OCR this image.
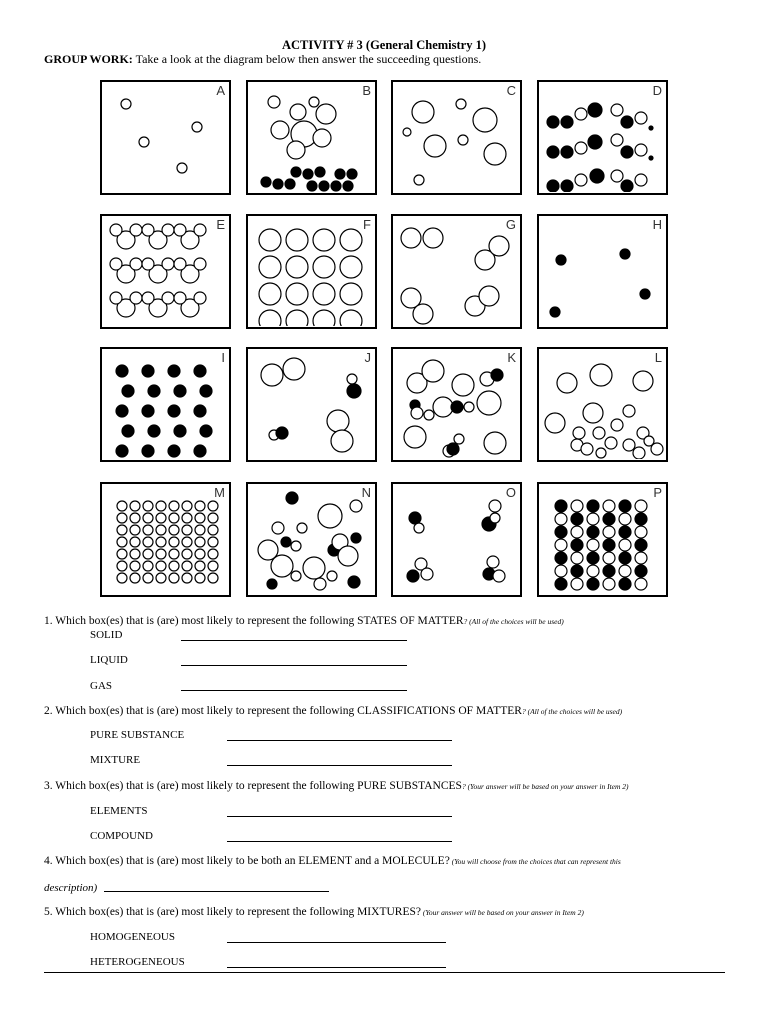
ACTIVITY # 3 (General Chemistry 1)
GROUP WORK: Take a look at the diagram below then answer the succeeding questions.
A	B	C	D
E	F	G	H
I	J	K	L
M	N	O	P
1. Which box(es) that is (are) most likely to represent the following STATES OF MATTER? (All of the choices will be used)
SOLID
LIQUID
GAS
2. Which box(es) that is (are) most likely to represent the following CLASSIFICATIONS OF MATTER? (All of the choices will be used)
PURE SUBSTANCE
MIXTURE
3. Which box(es) that is (are) most likely to represent the following PURE SUBSTANCES? (Your answer will be based on your answer in Item 2)
ELEMENTS
COMPOUND
4. Which box(es) that is (are) most likely to be both an ELEMENT and a MOLECULE? (You will choose from the choices that can represent this
description)
5. Which box(es) that is (are) most likely to represent the following MIXTURES? (Your answer will be based on your answer in Item 2)
HOMOGENEOUS
HETEROGENEOUS
